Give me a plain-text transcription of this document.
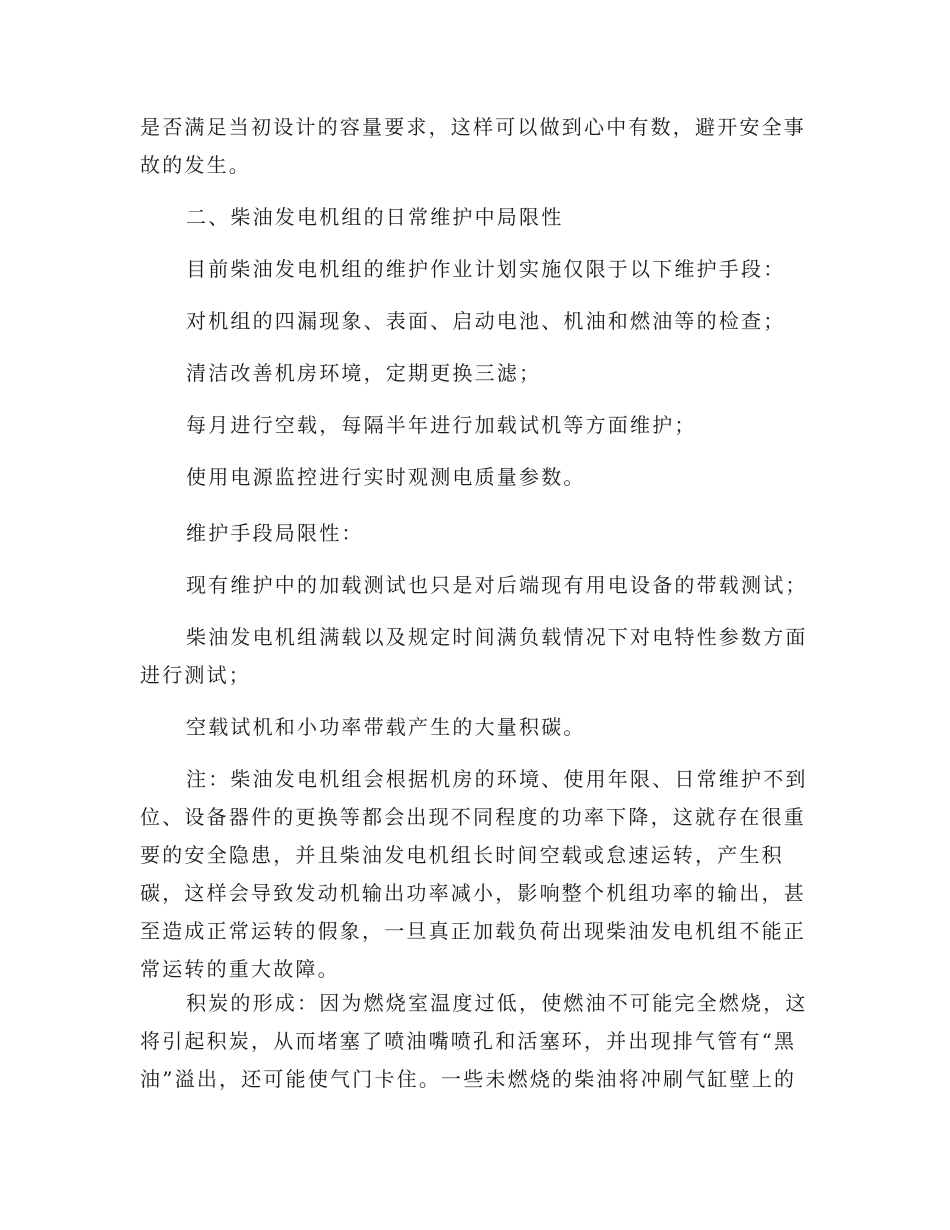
是否满足当初设计的容量要求，这样可以做到心中有数，避开安全事
故的发生。
二、柴油发电机组的日常维护中局限性
目前柴油发电机组的维护作业计划实施仅限于以下维护手段：
对机组的四漏现象、表面、启动电池、机油和燃油等的检查；
清洁改善机房环境，定期更换三滤；
每月进行空载，每隔半年进行加载试机等方面维护；
使用电源监控进行实时观测电质量参数。
维护手段局限性：
现有维护中的加载测试也只是对后端现有用电设备的带载测试；
柴油发电机组满载以及规定时间满负载情况下对电特性参数方面
进行测试；
空载试机和小功率带载产生的大量积碳。
注：柴油发电机组会根据机房的环境、使用年限、日常维护不到
位、设备器件的更换等都会出现不同程度的功率下降，这就存在很重
要的安全隐患，并且柴油发电机组长时间空载或怠速运转，产生积
碳，这样会导致发动机输出功率减小，影响整个机组功率的输出，甚
至造成正常运转的假象，一旦真正加载负荷出现柴油发电机组不能正
常运转的重大故障。
积炭的形成：因为燃烧室温度过低，使燃油不可能完全燃烧，这
将引起积炭，从而堵塞了喷油嘴喷孔和活塞环，并出现排气管有“黑
油”溢出，还可能使气门卡住。一些未燃烧的柴油将冲刷气缸壁上的
